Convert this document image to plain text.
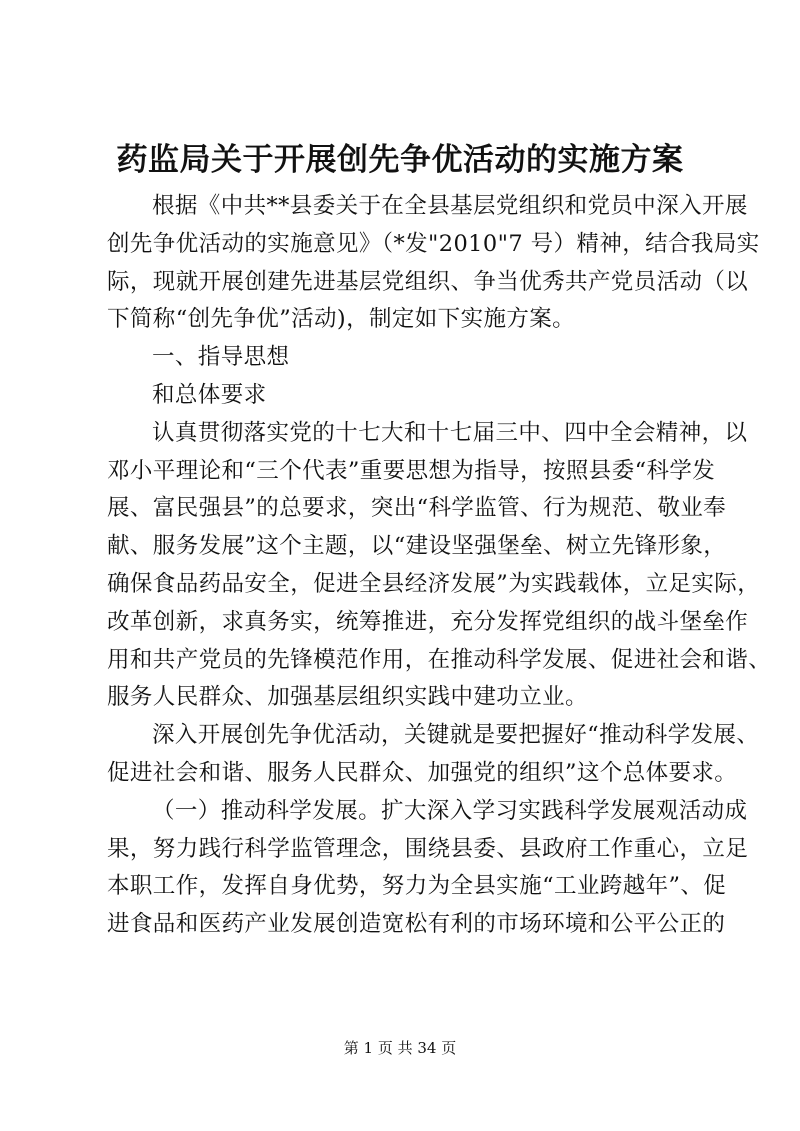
药监局关于开展创先争优活动的实施方案
根据《中共**县委关于在全县基层党组织和党员中深入开展
创先争优活动的实施意见》（*发"2010"7 号）精神，结合我局实
际，现就开展创建先进基层党组织、争当优秀共产党员活动（以
下简称“创先争优”活动)，制定如下实施方案。
一、指导思想
和总体要求
认真贯彻落实党的十七大和十七届三中、四中全会精神，以
邓小平理论和“三个代表”重要思想为指导，按照县委“科学发
展、富民强县”的总要求，突出“科学监管、行为规范、敬业奉
献、服务发展”这个主题，以“建设坚强堡垒、树立先锋形象，
确保食品药品安全，促进全县经济发展”为实践载体，立足实际，
改革创新，求真务实，统筹推进，充分发挥党组织的战斗堡垒作
用和共产党员的先锋模范作用，在推动科学发展、促进社会和谐、
服务人民群众、加强基层组织实践中建功立业。
深入开展创先争优活动，关键就是要把握好“推动科学发展、
促进社会和谐、服务人民群众、加强党的组织”这个总体要求。
（一）推动科学发展。扩大深入学习实践科学发展观活动成
果，努力践行科学监管理念，围绕县委、县政府工作重心，立足
本职工作，发挥自身优势，努力为全县实施“工业跨越年”、促
进食品和医药产业发展创造宽松有利的市场环境和公平公正的
第 1 页 共 34 页
